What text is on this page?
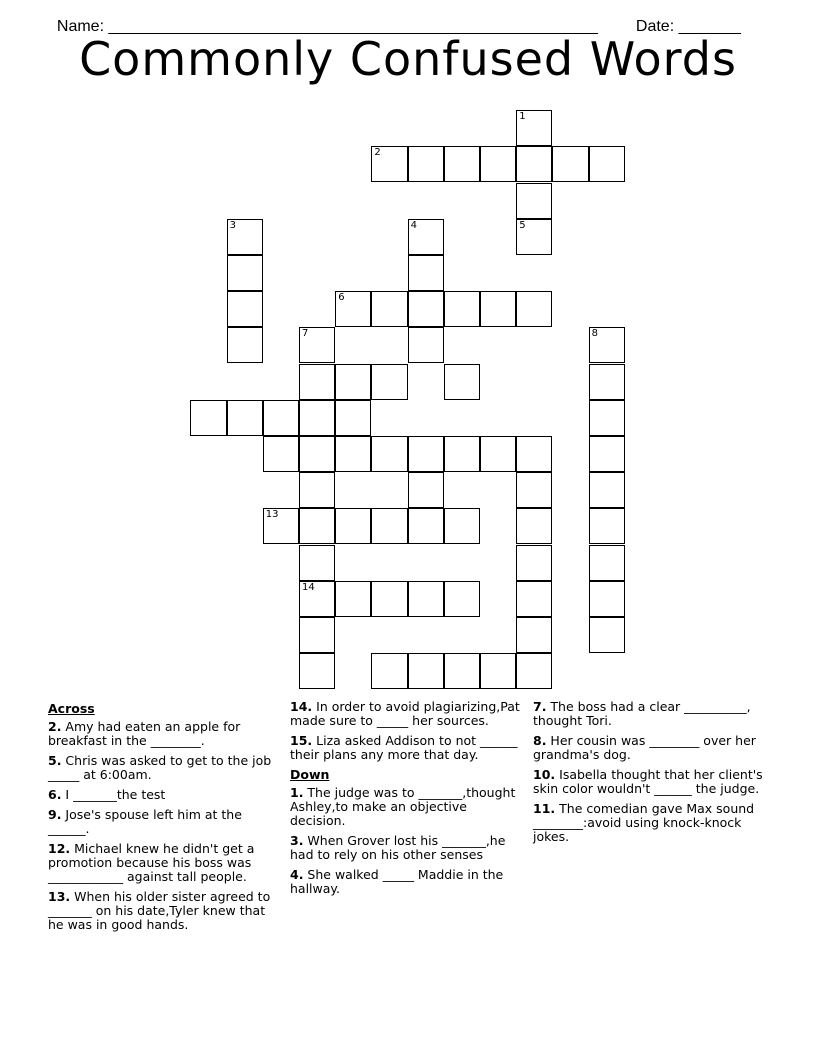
Name: _______________________________________________________	Date: _______

Commonly Confused Words
1
5
2
3	4
6
7
14
8
13
Across
2. Amy had eaten an apple for breakfast in the ________.
5. Chris was asked to get to the job _____ at 6:00am.
6. I _______the test
9. Jose's spouse left him at the ______.
12. Michael knew he didn't get a promotion because his boss was ____________ against tall people.
13. When his older sister agreed to _______ on his date,Tyler knew that he was in good hands.
14. In order to avoid plagiarizing,Pat made sure to _____ her sources.
15. Liza asked Addison to not ______ their plans any more that day.
Down
1. The judge was to _______,thought Ashley,to make an objective decision.
3. When Grover lost his _______,he had to rely on his other senses
4. She walked _____ Maddie in the hallway.
7. The boss had a clear __________, thought Tori.
8. Her cousin was ________ over her grandma's dog.
10. Isabella thought that her client's skin color wouldn't ______ the judge.
11. The comedian gave Max sound ________:avoid using knock-knock jokes.
